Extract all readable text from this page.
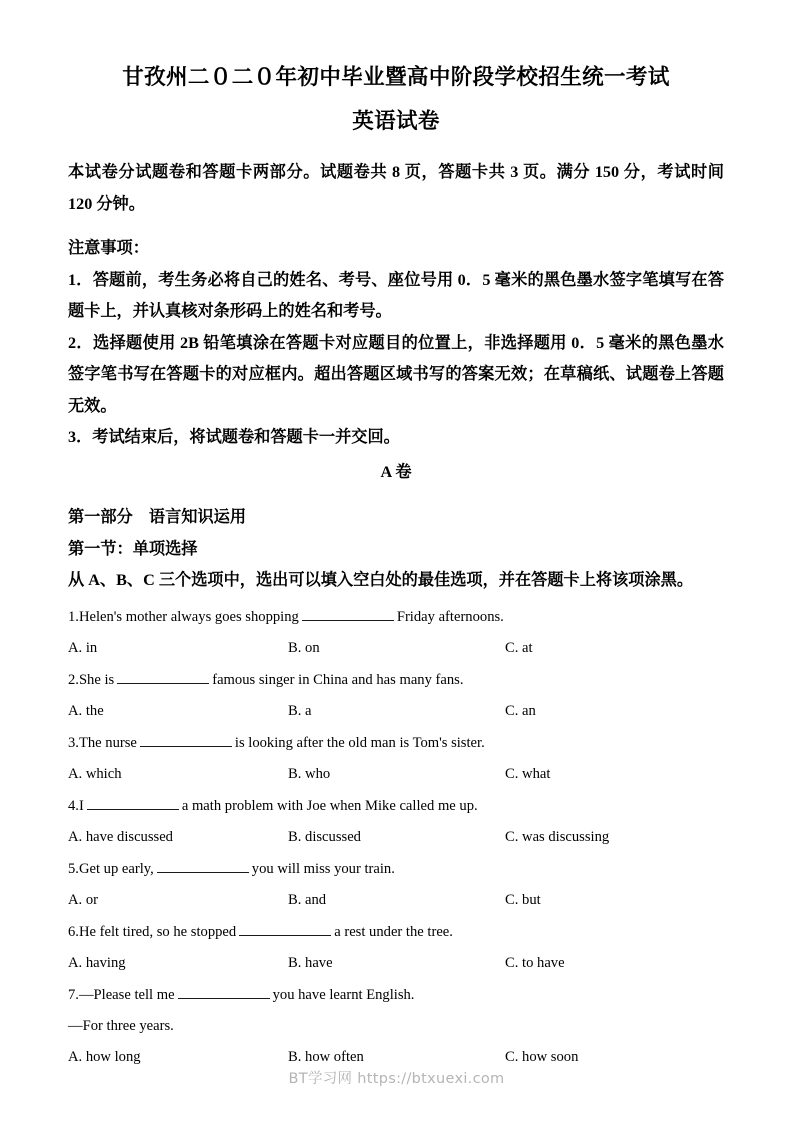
甘孜州二０二０年初中毕业暨高中阶段学校招生统一考试
英语试卷
本试卷分试题卷和答题卡两部分。试题卷共 8 页，答题卡共 3 页。满分 150 分，考试时间 120 分钟。
注意事项：
1．答题前，考生务必将自己的姓名、考号、座位号用 0．5 毫米的黑色墨水签字笔填写在答题卡上，并认真核对条形码上的姓名和考号。
2．选择题使用 2B 铅笔填涂在答题卡对应题目的位置上，非选择题用 0．5 毫米的黑色墨水签字笔书写在答题卡的对应框内。超出答题区域书写的答案无效；在草稿纸、试题卷上答题无效。
3．考试结束后，将试题卷和答题卡一并交回。
A 卷
第一部分　语言知识运用
第一节：单项选择
从 A、B、C 三个选项中，选出可以填入空白处的最佳选项，并在答题卡上将该项涂黑。
1.Helen's mother always goes shopping	Friday afternoons.
A. in	B. on	C. at
2.She is	famous singer in China and has many fans.
A. the	B. a	C. an
3.The nurse	is looking after the old man is Tom's sister.
A. which	B. who	C. what
4.I	a math problem with Joe when Mike called me up.
A. have discussed	B. discussed	C. was discussing
5.Get up early,	you will miss your train.
A. or	B. and	C. but
6.He felt tired, so he stopped	a rest under the tree.
A. having	B. have	C. to have
7.—Please tell me	you have learnt English.
—For three years.
A. how long	B. how often	C. how soon
BT学习网 https://btxuexi.com
